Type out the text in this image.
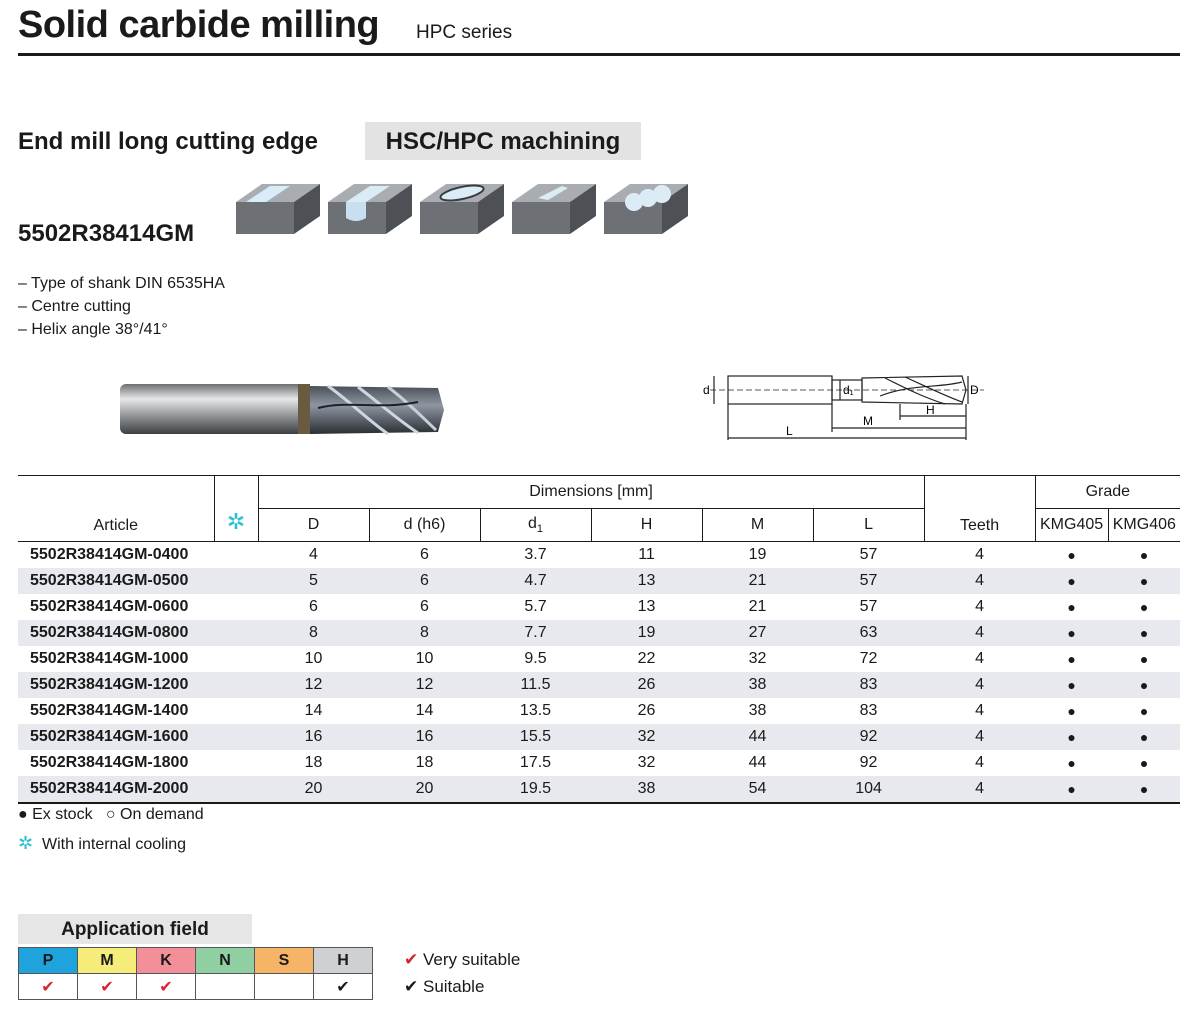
Solid carbide milling HPC series
End mill long cutting edge	HSC/HPC machining
5502R38414GM
– Type of shank DIN 6535HA
– Centre cutting
– Helix angle 38°/41°
d	d₁	D
H
M
L
Article	✲	Dimensions [mm]						Teeth	Grade	
		D	d (h6)	$d_1$	H	M	L		KMG405	KMG406
5502R38414GM-0400		4	6	3.7	11	19	57	4	●	●
5502R38414GM-0500		5	6	4.7	13	21	57	4	●	●
5502R38414GM-0600		6	6	5.7	13	21	57	4	●	●
5502R38414GM-0800		8	8	7.7	19	27	63	4	●	●
5502R38414GM-1000		10	10	9.5	22	32	72	4	●	●
5502R38414GM-1200		12	12	11.5	26	38	83	4	●	●
5502R38414GM-1400		14	14	13.5	26	38	83	4	●	●
5502R38414GM-1600		16	16	15.5	32	44	92	4	●	●
5502R38414GM-1800		18	18	17.5	32	44	92	4	●	●
5502R38414GM-2000		20	20	19.5	38	54	104	4	●	●
● Ex stock ○ On demand
✲ With internal cooling
Application field
P	M	K	N	S	H
✔	✔	✔			✔
✔ Very suitable
✔ Suitable
